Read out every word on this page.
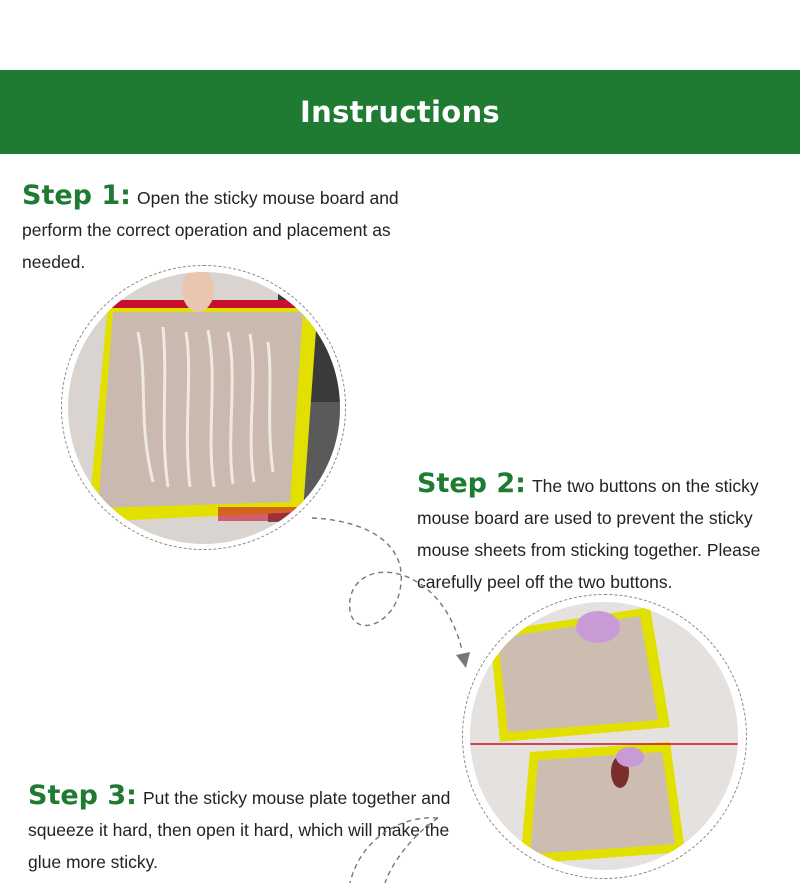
Instructions
Step 1: Open the sticky mouse board and perform the correct operation and placement as needed.
Step 2: The two buttons on the sticky mouse board are used to prevent the sticky mouse sheets from sticking together. Please carefully peel off the two buttons.
Step 3: Put the sticky mouse plate together and squeeze it hard, then open it hard, which will make the glue more sticky.
